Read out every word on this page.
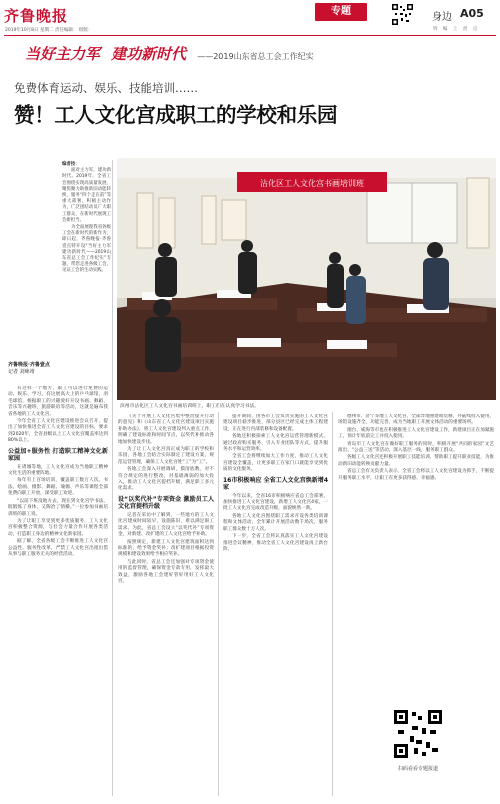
齐鲁晚报
2019年10月8日 星期二 责任编辑： 组版：
专题
身边 A05
特 编 上 责 点
当好主力军 建功新时代 ——2019山东省总工会工作纪实
免费体育运动、娱乐、技能培训……
赞！工人文化宫成职工的学校和乐园
编者按：

面对主力军，建功新时代。2019年，全省工会围绕实现高质量发展，聚焦聚力助推新旧动能转换，服务“四个走在前”等重大部署，积极主动作为，广泛团结动员广大职工群众，在新时代展现工会新担当。

为全面展现我省各级工会在新时代的新作为，即日起，齐鲁晚报·齐鲁壹点特开设“当好主力军 建功新时代——2019山东省总工会工作纪实”专题，带您走进各级工会，见证工会的生动实践。

沾化区工人文化宫书画培训班
滨州市沾化区工人文化宫书画培训班上，职工们在认真学习书法。
齐鲁晚报·齐鲁壹点
记者 刘咏靖

有这样一个地方，职工可以进行免费的运动、娱乐、学习，有这展高大上的乒乓球馆，羽毛球馆，根据职工的兴趣爱好开设书画、舞蹈、音乐等兴趣班，旅游联谊等活动，这就是遍布我省各地的工人文化宫。

今年全省工人文化宫建设推进会议召开，提出了加快推进全省工人文化宫建设的目标，要求到2020年，全省县级以上工人文化宫覆盖率达到80%以上。

公益加+服务性 打造职工精神文化新家园

在诸城等地，工人文化宫成为当地职工精神文化生活的重要阵地。

每年有上百场培训，覆盖职工数万人次。书法、绘画、摄影、舞蹈、瑜伽、声乐等课程全部免费向职工开放，深受职工欢迎。

“以前下班没地方去，现在到文化宫学书法，既锻炼了身体，又陶冶了情操。”一位参加书画培训班的职工说。

为了让职工享受到更多优质服务，工人文化宫积极整合资源，与社会力量合作开展各类活动，打造职工身边的精神文化新家园。

据了解，全省各级工会不断推进工人文化宫公益性、服务性改革，严禁工人文化宫出租出借从事与职工服务无关的经营活动。

《关于开展工人文化宫集中整治提升行动的意见》和《山东省工人文化宫建设项目实施补助办法》，将工人文化宫建设列入重点工作，明确了建设标准和时间节点，以奖代补推动各地加快建设步伐。

为了让工人文化宫真正成为职工的学校和乐园，各地工会结合实际制定了建设方案，规范运营管理，确保工人文化宫姓“工”为“工”。

各地工会深入开展调研，摸清底数，对不符合规定的进行整改，对基础薄弱的加大投入，推动工人文化宫提档升级，满足职工多元化需求。

设“以奖代补”专项资金 激励员工人文化宫提档升级

记者在采访中了解到，一些地方的工人文化宫建成时间较早，设施陈旧，难以满足职工需求。为此，省总工会设立“以奖代补”专项资金，对新建、改扩建的工人文化宫给予补助。

按照规定，新建工人文化宫建筑面积达到标准的，给予资金奖补；改扩建项目根据投资规模和建设效果给予相应奖补。

与此同时，省总工会还加强对专项资金使用的监督管理，确保资金专款专用，发挥最大效益，激励各地工会建好管好用好工人文化宫。

提升期间，由各市工会负责实施的工人文化宫建设项目稳步推进，部分县区已经完成主体工程建设，正在进行内部装修和设备配置。

各地还积极探索工人文化宫运营管理新模式，通过政府购买服务、引入专业团队等方式，提升服务水平和运营效率。

全省工会将继续加大工作力度，推动工人文化宫建设全覆盖，让更多职工在家门口就能享受到优质的文化服务。

16市积极响应 全省工人文化宫焕新增4家

今年以来，全省16市积极响应省总工会部署，加快推进工人文化宫建设，新增工人文化宫4家，一批工人文化宫完成改造升级，面貌焕然一新。

各地工人文化宫围绕职工需求开设各类培训课程和文体活动，全年累计开展活动数千场次，服务职工群众数十万人次。

下一步，全省工会将认真落实工人文化宫建设推进会议精神，推动全省工人文化宫建设再上新台阶。

德州市、济宁等地工人文化宫，全部异地重建或装修，并陆续投入使用，场馆设施齐全，功能完善，成为当地职工开展文体活动的重要场所。

烟台、威海等市也在积极推进工人文化宫建设工作，新建项目正在加紧施工，预计年底前完工并投入使用。

青岛市工人文化宫在做好职工服务的同时，积极开展“共同的家园”文艺演出、“公益三送”等活动，深入基层一线，服务职工群众。

各级工人文化宫还积极开展职工技能培训，帮助职工提升职业技能，为推动新旧动能转换贡献力量。

省总工会有关负责人表示，全省工会将以工人文化宫建设为抓手，不断提升服务职工水平，让职工有更多获得感、幸福感。

扫码看看专题报道
